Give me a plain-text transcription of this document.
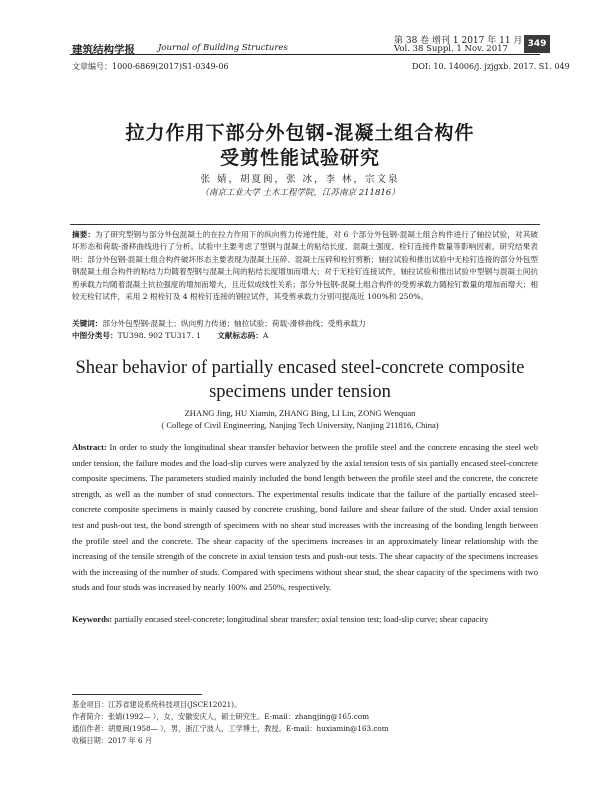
建筑结构学报	Journal of Building Structures
第 38 卷 增刊 1 2017 年 11 月
Vol. 38 Suppl. 1 Nov. 2017	349
文章编号：1000-6869(2017)S1-0349-06	DOI: 10. 14006/j. jzjgxb. 2017. S1. 049
拉力作用下部分外包钢-混凝土组合构件
受剪性能试验研究
张 婧，胡夏闽，张 冰，李 林，宗文泉
（南京工业大学 土木工程学院，江苏南京 211816）
摘要：为了研究型钢与部分外包混凝土的在拉力作用下的纵向剪力传递性能，对 6 个部分外包钢-混凝土组合构件进行了轴拉试验，对其破坏形态和荷载-滑移曲线进行了分析。试验中主要考虑了型钢与混凝土的粘结长度、混凝土强度、栓钉连接件数量等影响因素。研究结果表明：部分外包钢-混凝土组合构件破坏形态主要表现为混凝土压碎、混凝土压碎和栓钉剪断；轴拉试验和推出试验中无栓钉连接的部分外包型钢混凝土组合构件的粘结力均随着型钢与混凝土间的粘结长度增加而增大；对于无栓钉连接试件，轴拉试验和推出试验中型钢与混凝土间抗剪承载力均随着混凝土抗拉强度的增加而增大，且近似成线性关系；部分外包钢-混凝土组合构件的受剪承载力随栓钉数量的增加而增大；相较无栓钉试件，采用 2 根栓钉及 4 根栓钉连接的钢拉试件，其受剪承载力分别可提高近 100%和 250%。
关键词：部分外包型钢-混凝土；纵向剪力传递；轴拉试验；荷载-滑移曲线；受剪承载力
中图分类号：TU398. 902 TU317. 1 文献标志码：A
Shear behavior of partially encased steel-concrete composite
specimens under tension
ZHANG Jing, HU Xiamin, ZHANG Bing, LI Lin, ZONG Wenquan
( College of Civil Engineering, Nanjing Tech University, Nanjing 211816, China)
Abstract: In order to study the longitudinal shear transfer behavior between the profile steel and the concrete encasing the steel web under tension, the failure modes and the load-slip curves were analyzed by the axial tension tests of six partially encased steel-concrete composite specimens. The parameters studied mainly included the bond length between the profile steel and the concrete, the concrete strength, as well as the number of stud connectors. The experimental results indicate that the failure of the partially encased steel-concrete composite specimens is mainly caused by concrete crushing, bond failure and shear failure of the stud. Under axial tension test and push-out test, the bond strength of specimens with no shear stud increases with the increasing of the bonding length between the profile steel and the concrete. The shear capacity of the specimens increases in an approximately linear relationship with the increasing of the tensile strength of the concrete in axial tension tests and push-out tests. The shear capacity of the specimens increases with the increasing of the number of studs. Compared with specimens without shear stud, the shear capacity of the specimens with two studs and four studs was increased by nearly 100% and 250%, respectively.
Keywords: partially encased steel-concrete; longitudinal shear transfer; axial tension test; load-slip curve; shear capacity
基金项目：江苏省建设系统科技项目(JSCE12021)。
作者简介：张婧(1992— ），女，安徽安庆人，硕士研究生。E-mail：zhangjing@165.com
通信作者：胡夏闽(1958— ），男，浙江宁波人，工学博士，教授。E-mail：huxiamin@163.com
收稿日期：2017 年 6 月
